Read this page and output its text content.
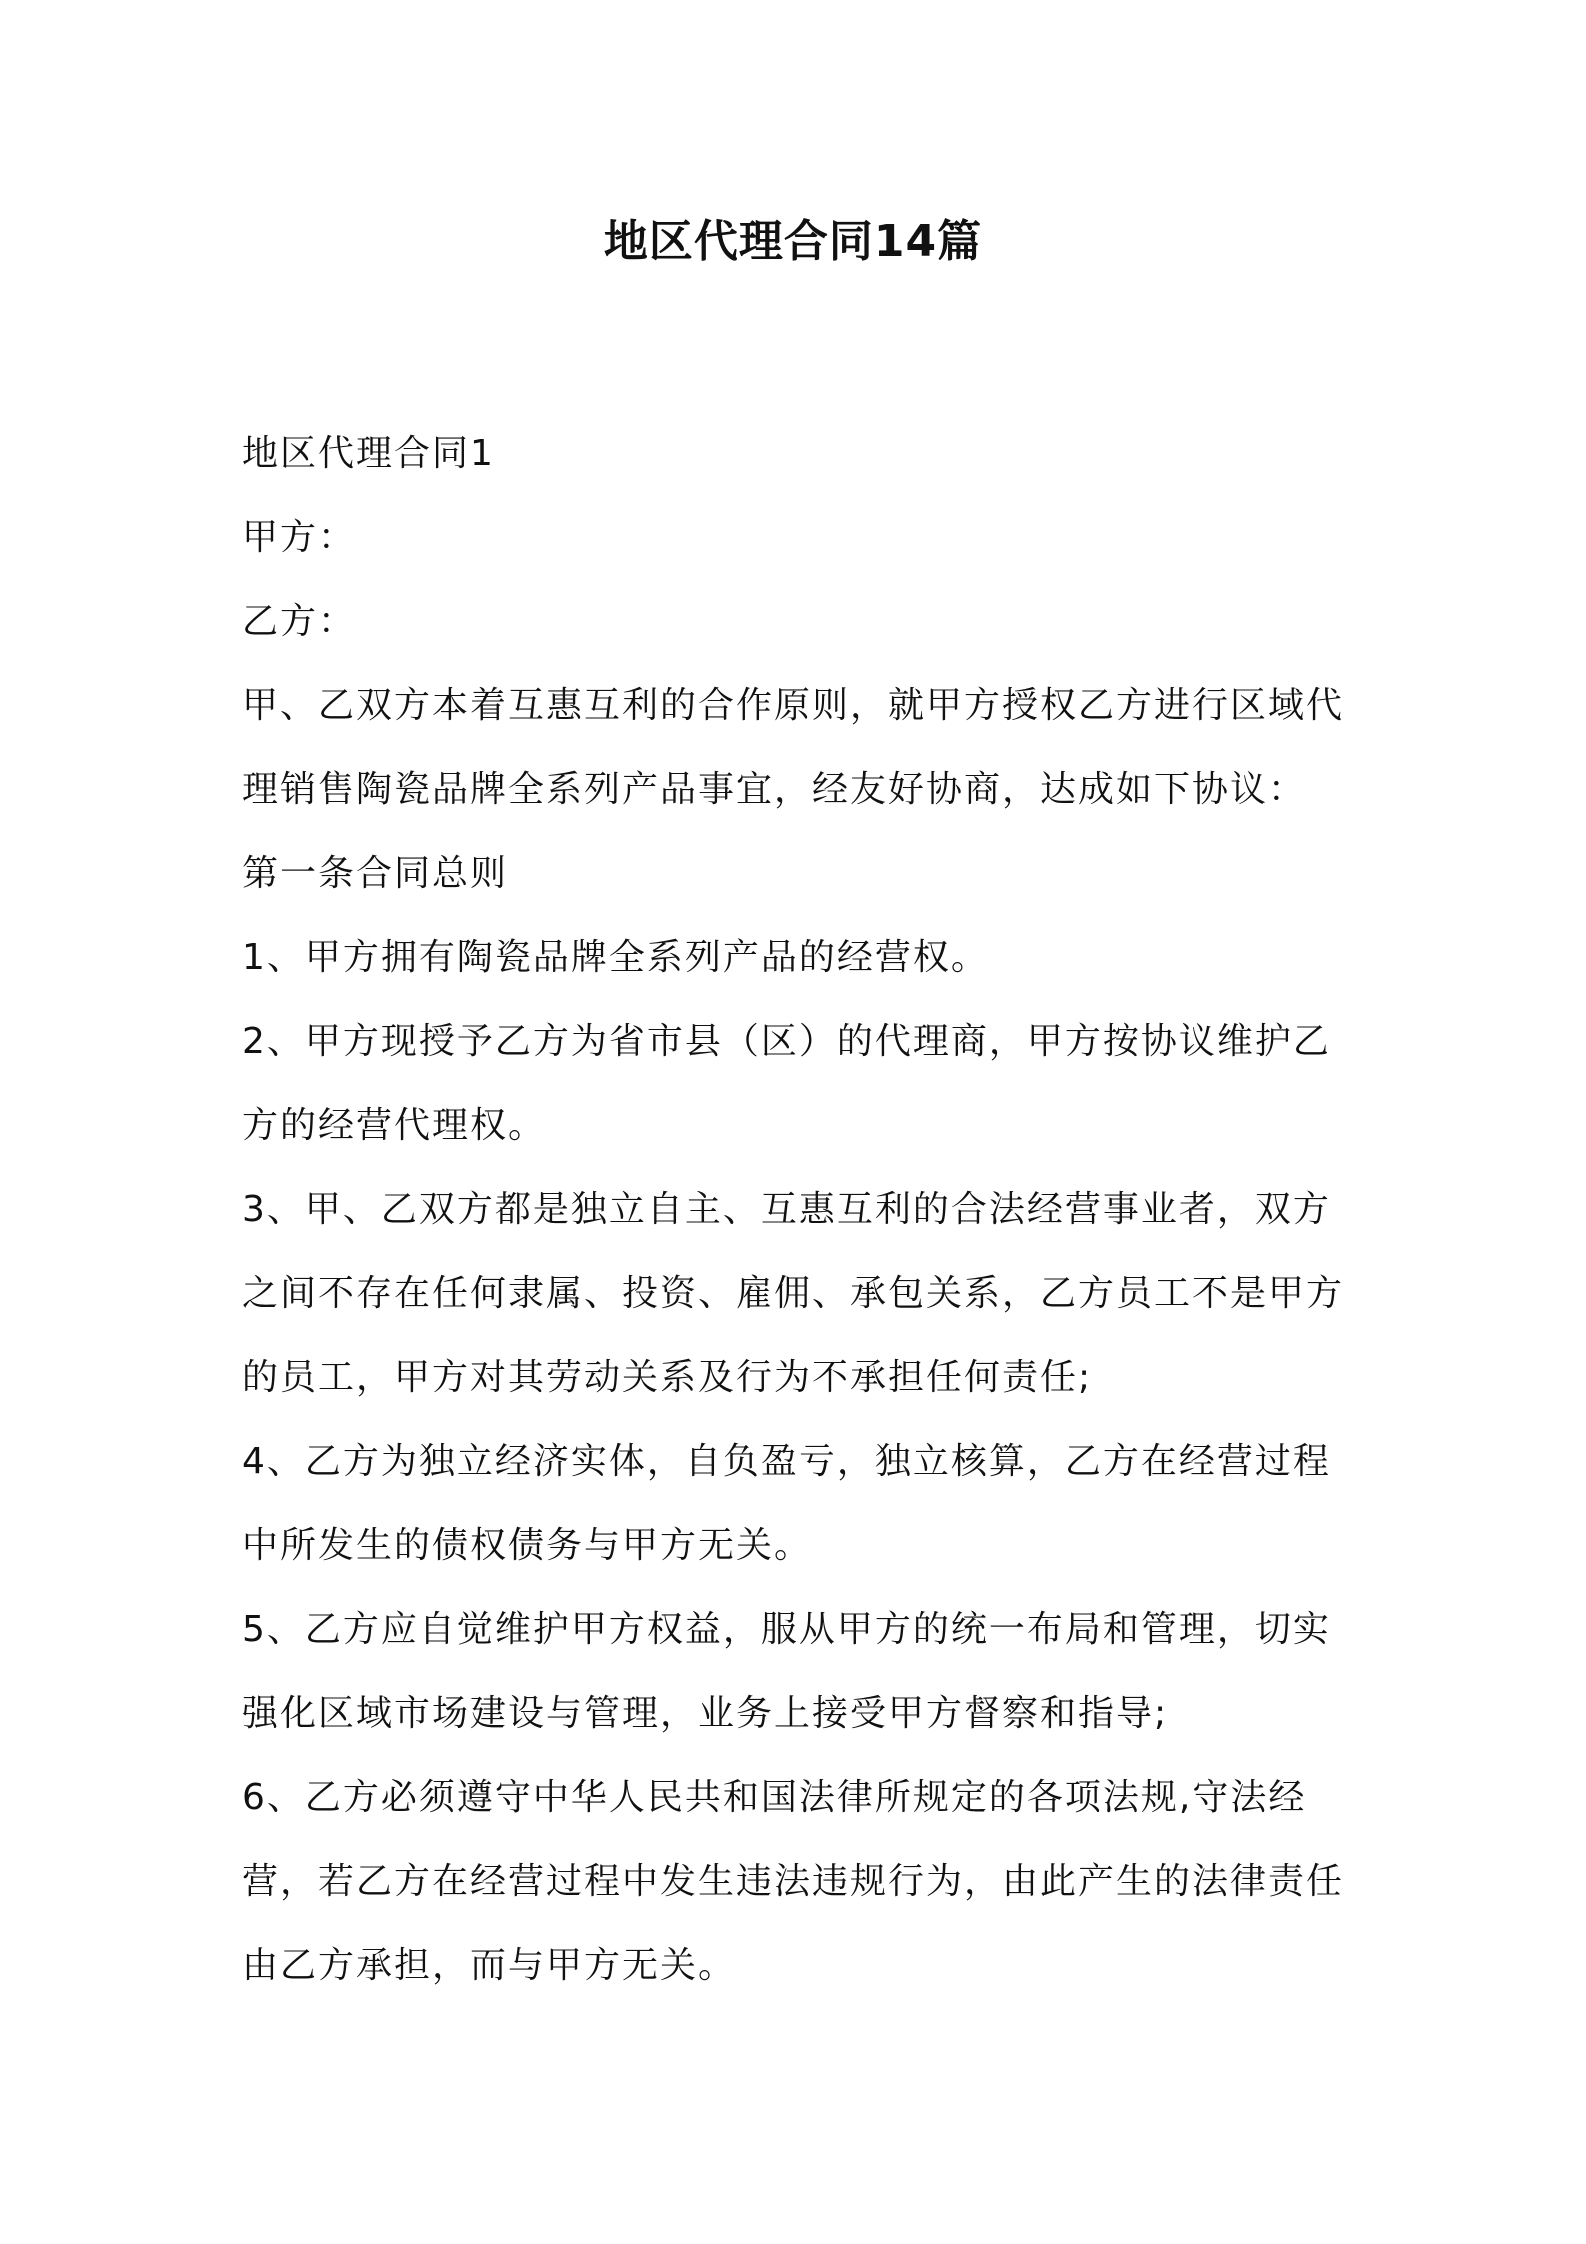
地区代理合同14篇

地区代理合同1

甲方：

乙方：

甲、乙双方本着互惠互利的合作原则，就甲方授权乙方进行区域代理销售陶瓷品牌全系列产品事宜，经友好协商，达成如下协议：

第一条合同总则

1、甲方拥有陶瓷品牌全系列产品的经营权。

2、甲方现授予乙方为省市县（区）的代理商，甲方按协议维护乙方的经营代理权。

3、甲、乙双方都是独立自主、互惠互利的合法经营事业者，双方之间不存在任何隶属、投资、雇佣、承包关系，乙方员工不是甲方的员工，甲方对其劳动关系及行为不承担任何责任;

4、乙方为独立经济实体，自负盈亏，独立核算，乙方在经营过程中所发生的债权债务与甲方无关。

5、乙方应自觉维护甲方权益，服从甲方的统一布局和管理，切实强化区域市场建设与管理，业务上接受甲方督察和指导;

6、乙方必须遵守中华人民共和国法律所规定的各项法规,守法经营，若乙方在经营过程中发生违法违规行为，由此产生的法律责任由乙方承担，而与甲方无关。
